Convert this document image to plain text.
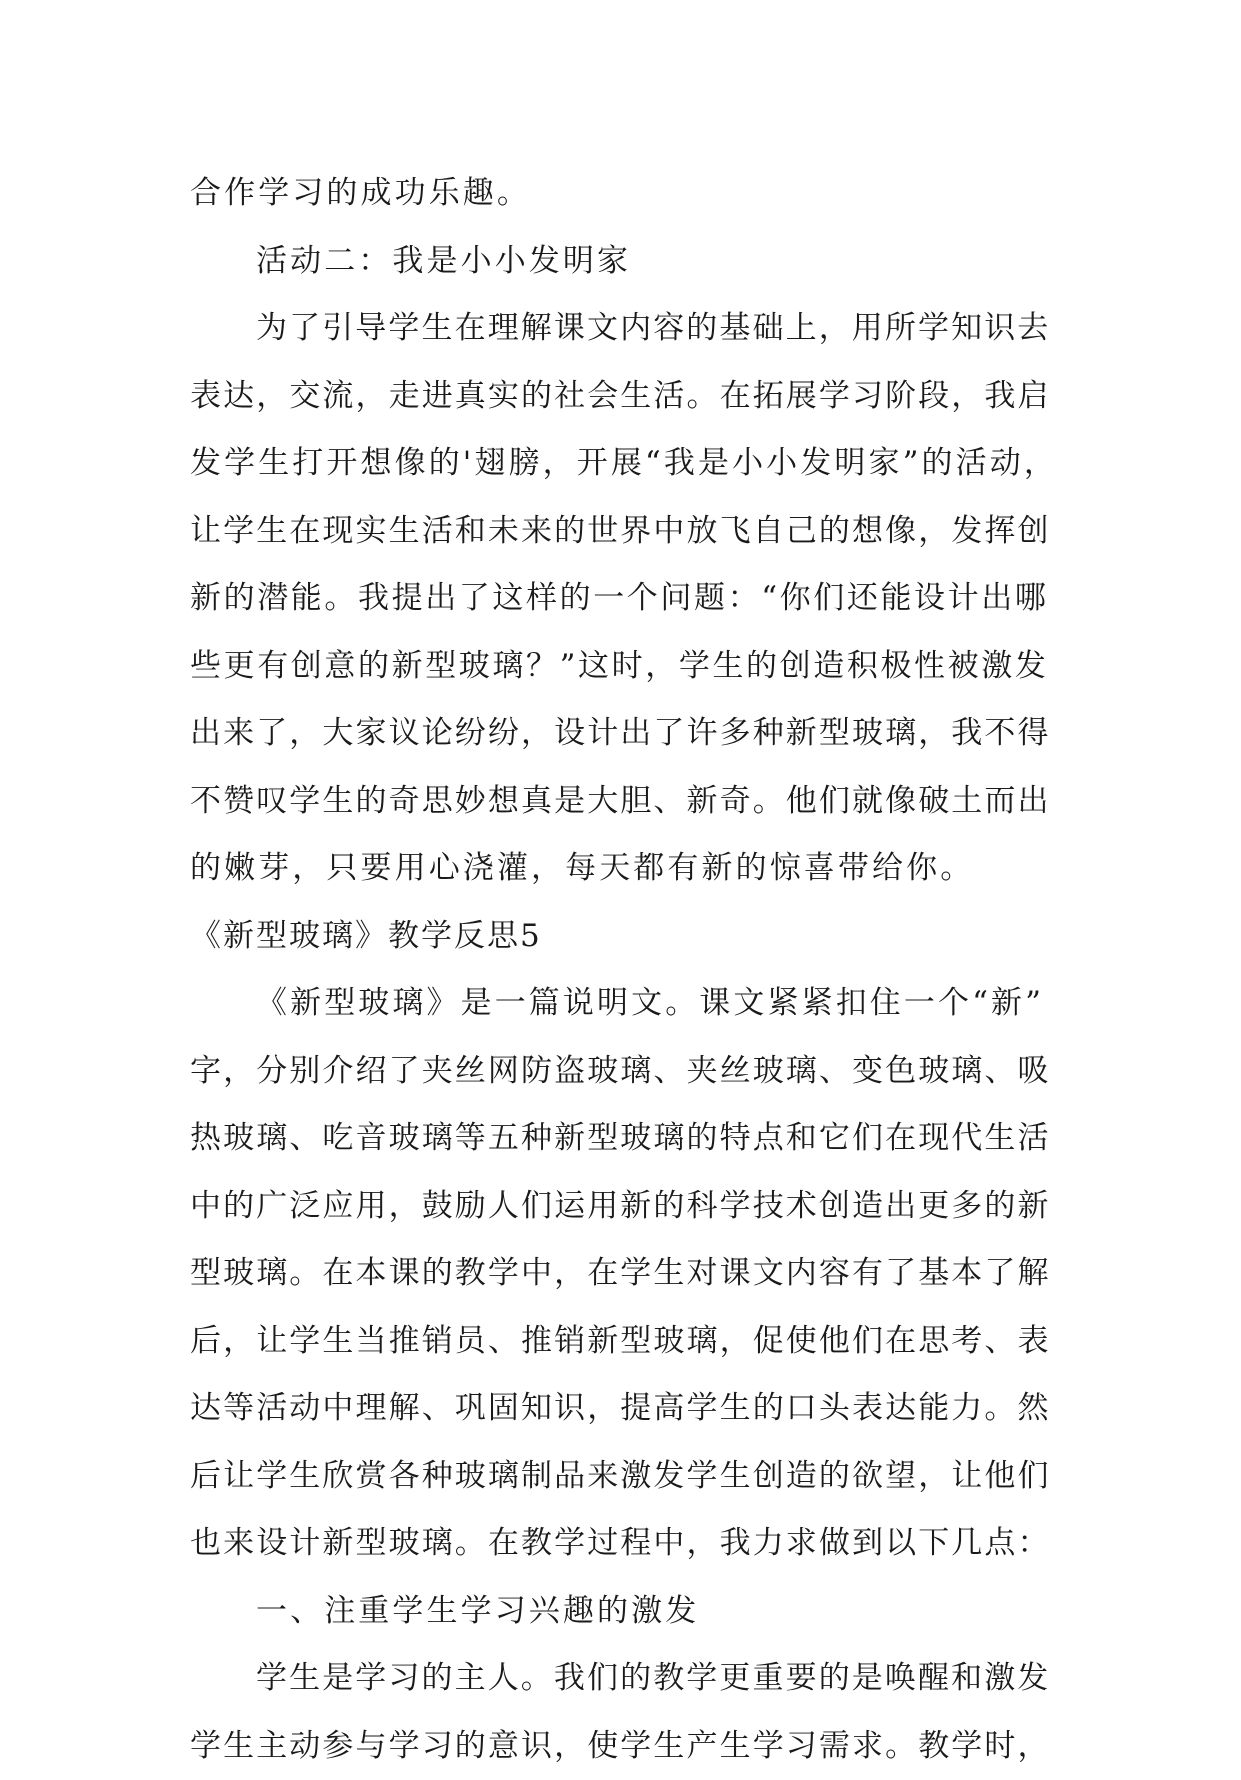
合作学习的成功乐趣。
活动二：我是小小发明家
为了引导学生在理解课文内容的基础上，用所学知识去
表达，交流，走进真实的社会生活。在拓展学习阶段，我启
发学生打开想像的'翅膀，开展“我是小小发明家”的活动，
让学生在现实生活和未来的世界中放飞自己的想像，发挥创
新的潜能。我提出了这样的一个问题：“你们还能设计出哪
些更有创意的新型玻璃？”这时，学生的创造积极性被激发
出来了，大家议论纷纷，设计出了许多种新型玻璃，我不得
不赞叹学生的奇思妙想真是大胆、新奇。他们就像破土而出
的嫩芽，只要用心浇灌，每天都有新的惊喜带给你。
《新型玻璃》教学反思5
《新型玻璃》是一篇说明文。课文紧紧扣住一个“新”
字，分别介绍了夹丝网防盗玻璃、夹丝玻璃、变色玻璃、吸
热玻璃、吃音玻璃等五种新型玻璃的特点和它们在现代生活
中的广泛应用，鼓励人们运用新的科学技术创造出更多的新
型玻璃。在本课的教学中，在学生对课文内容有了基本了解
后，让学生当推销员、推销新型玻璃，促使他们在思考、表
达等活动中理解、巩固知识，提高学生的口头表达能力。然
后让学生欣赏各种玻璃制品来激发学生创造的欲望，让他们
也来设计新型玻璃。在教学过程中，我力求做到以下几点：
一、注重学生学习兴趣的激发
学生是学习的主人。我们的教学更重要的是唤醒和激发
学生主动参与学习的意识，使学生产生学习需求。教学时，
